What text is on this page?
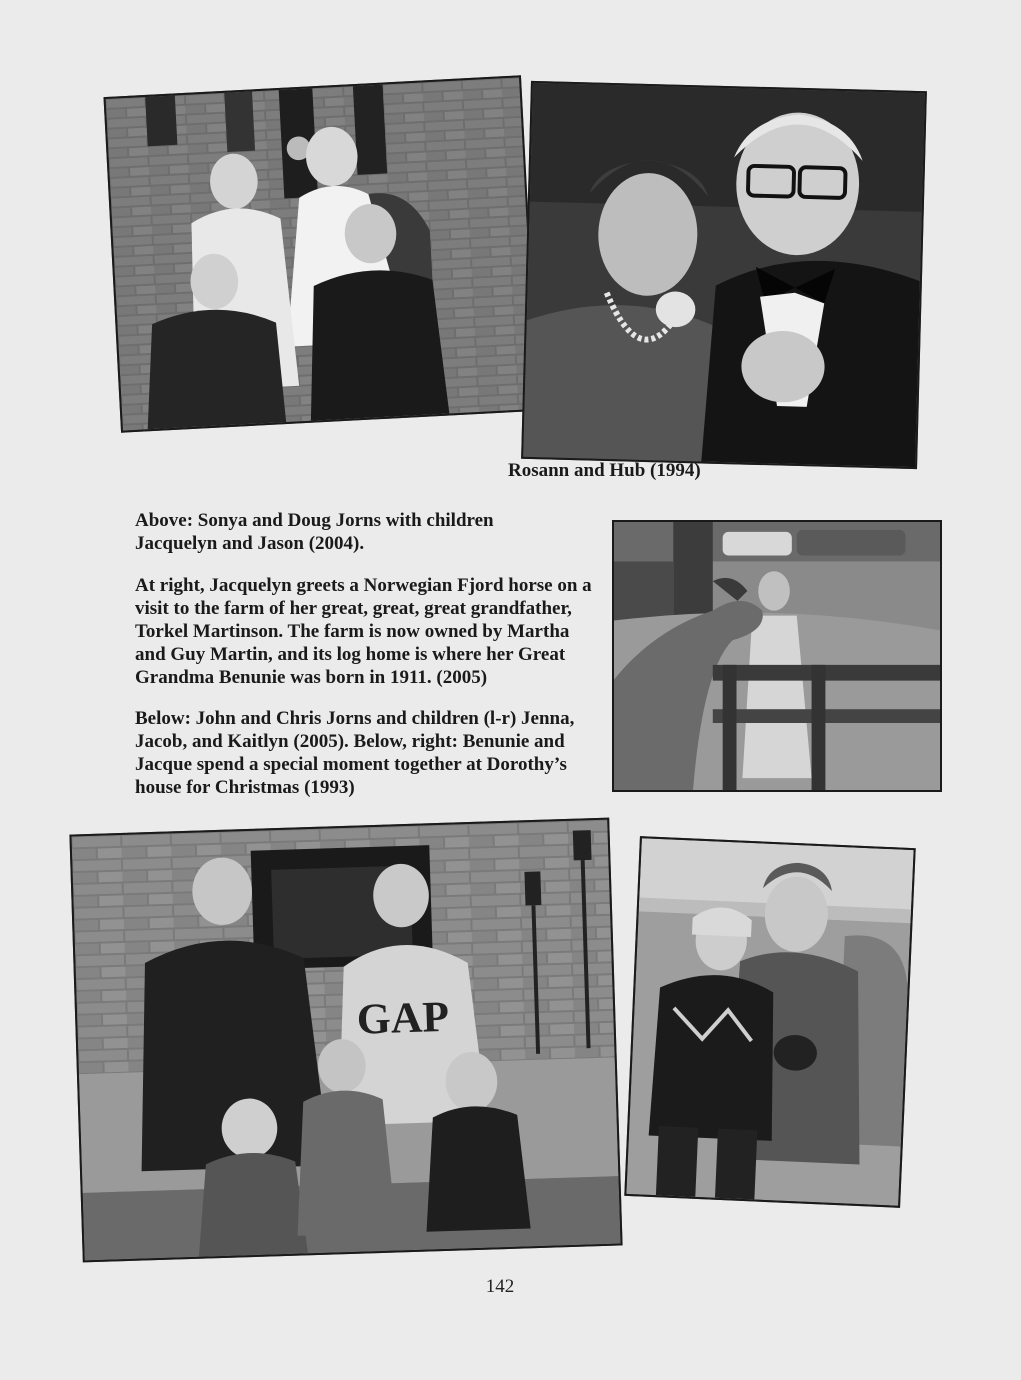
Rosann and Hub (1994)
Above: Sonya and Doug Jorns with children
Jacquelyn and Jason (2004).
At right, Jacquelyn greets a Norwegian Fjord horse on a
visit to the farm of her great, great, great grandfather,
Torkel Martinson. The farm is now owned by Martha
and Guy Martin, and its log home is where her Great
Grandma Benunie was born in 1911. (2005)
Below: John and Chris Jorns and children (l-r) Jenna,
Jacob, and Kaitlyn (2005). Below, right: Benunie and
Jacque spend a special moment together at Dorothy’s
house for Christmas (1993)
GAP
142
